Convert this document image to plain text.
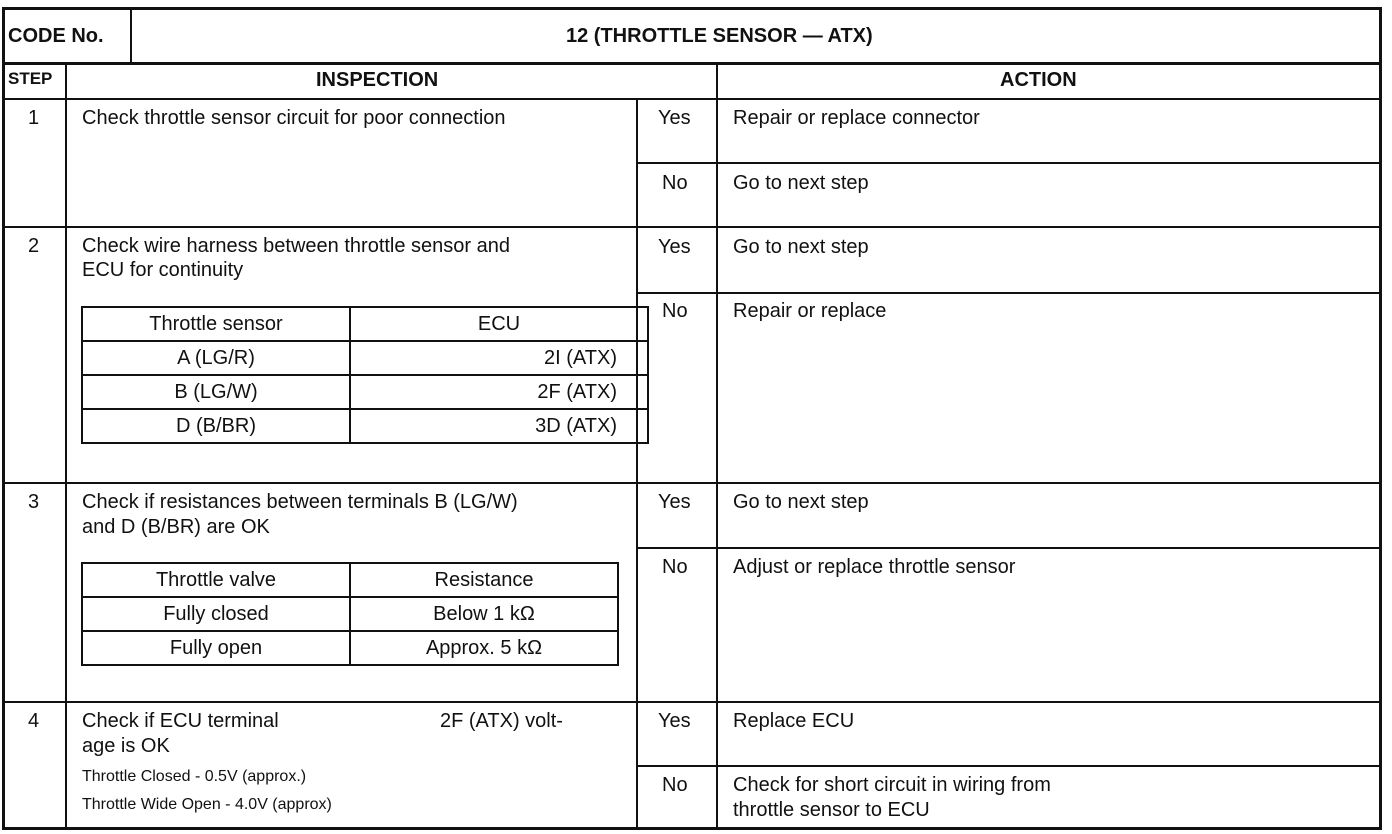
CODE No.	12 (THROTTLE SENSOR — ATX)
STEP	INSPECTION	ACTION
1 Check throttle sensor circuit for poor connection	Yes Repair or replace connector
No Go to next step
2 Check wire harness between throttle sensor and
ECU for continuity
Throttle sensor	ECU
A (LG/R)	2I (ATX)
B (LG/W)	2F (ATX)
D (B/BR)	3D (ATX)
Yes Go to next step
No Repair or replace
3 Check if resistances between terminals B (LG/W)
and D (B/BR) are OK
Throttle valve	Resistance
Fully closed	Below 1 kΩ
Fully open	Approx. 5 kΩ
Yes Go to next step
No Adjust or replace throttle sensor
4 Check if ECU terminal	2F (ATX) volt-
age is OK
Throttle Closed - 0.5V (approx.)
Throttle Wide Open - 4.0V (approx)
Yes Replace ECU
No Check for short circuit in wiring from
throttle sensor to ECU
